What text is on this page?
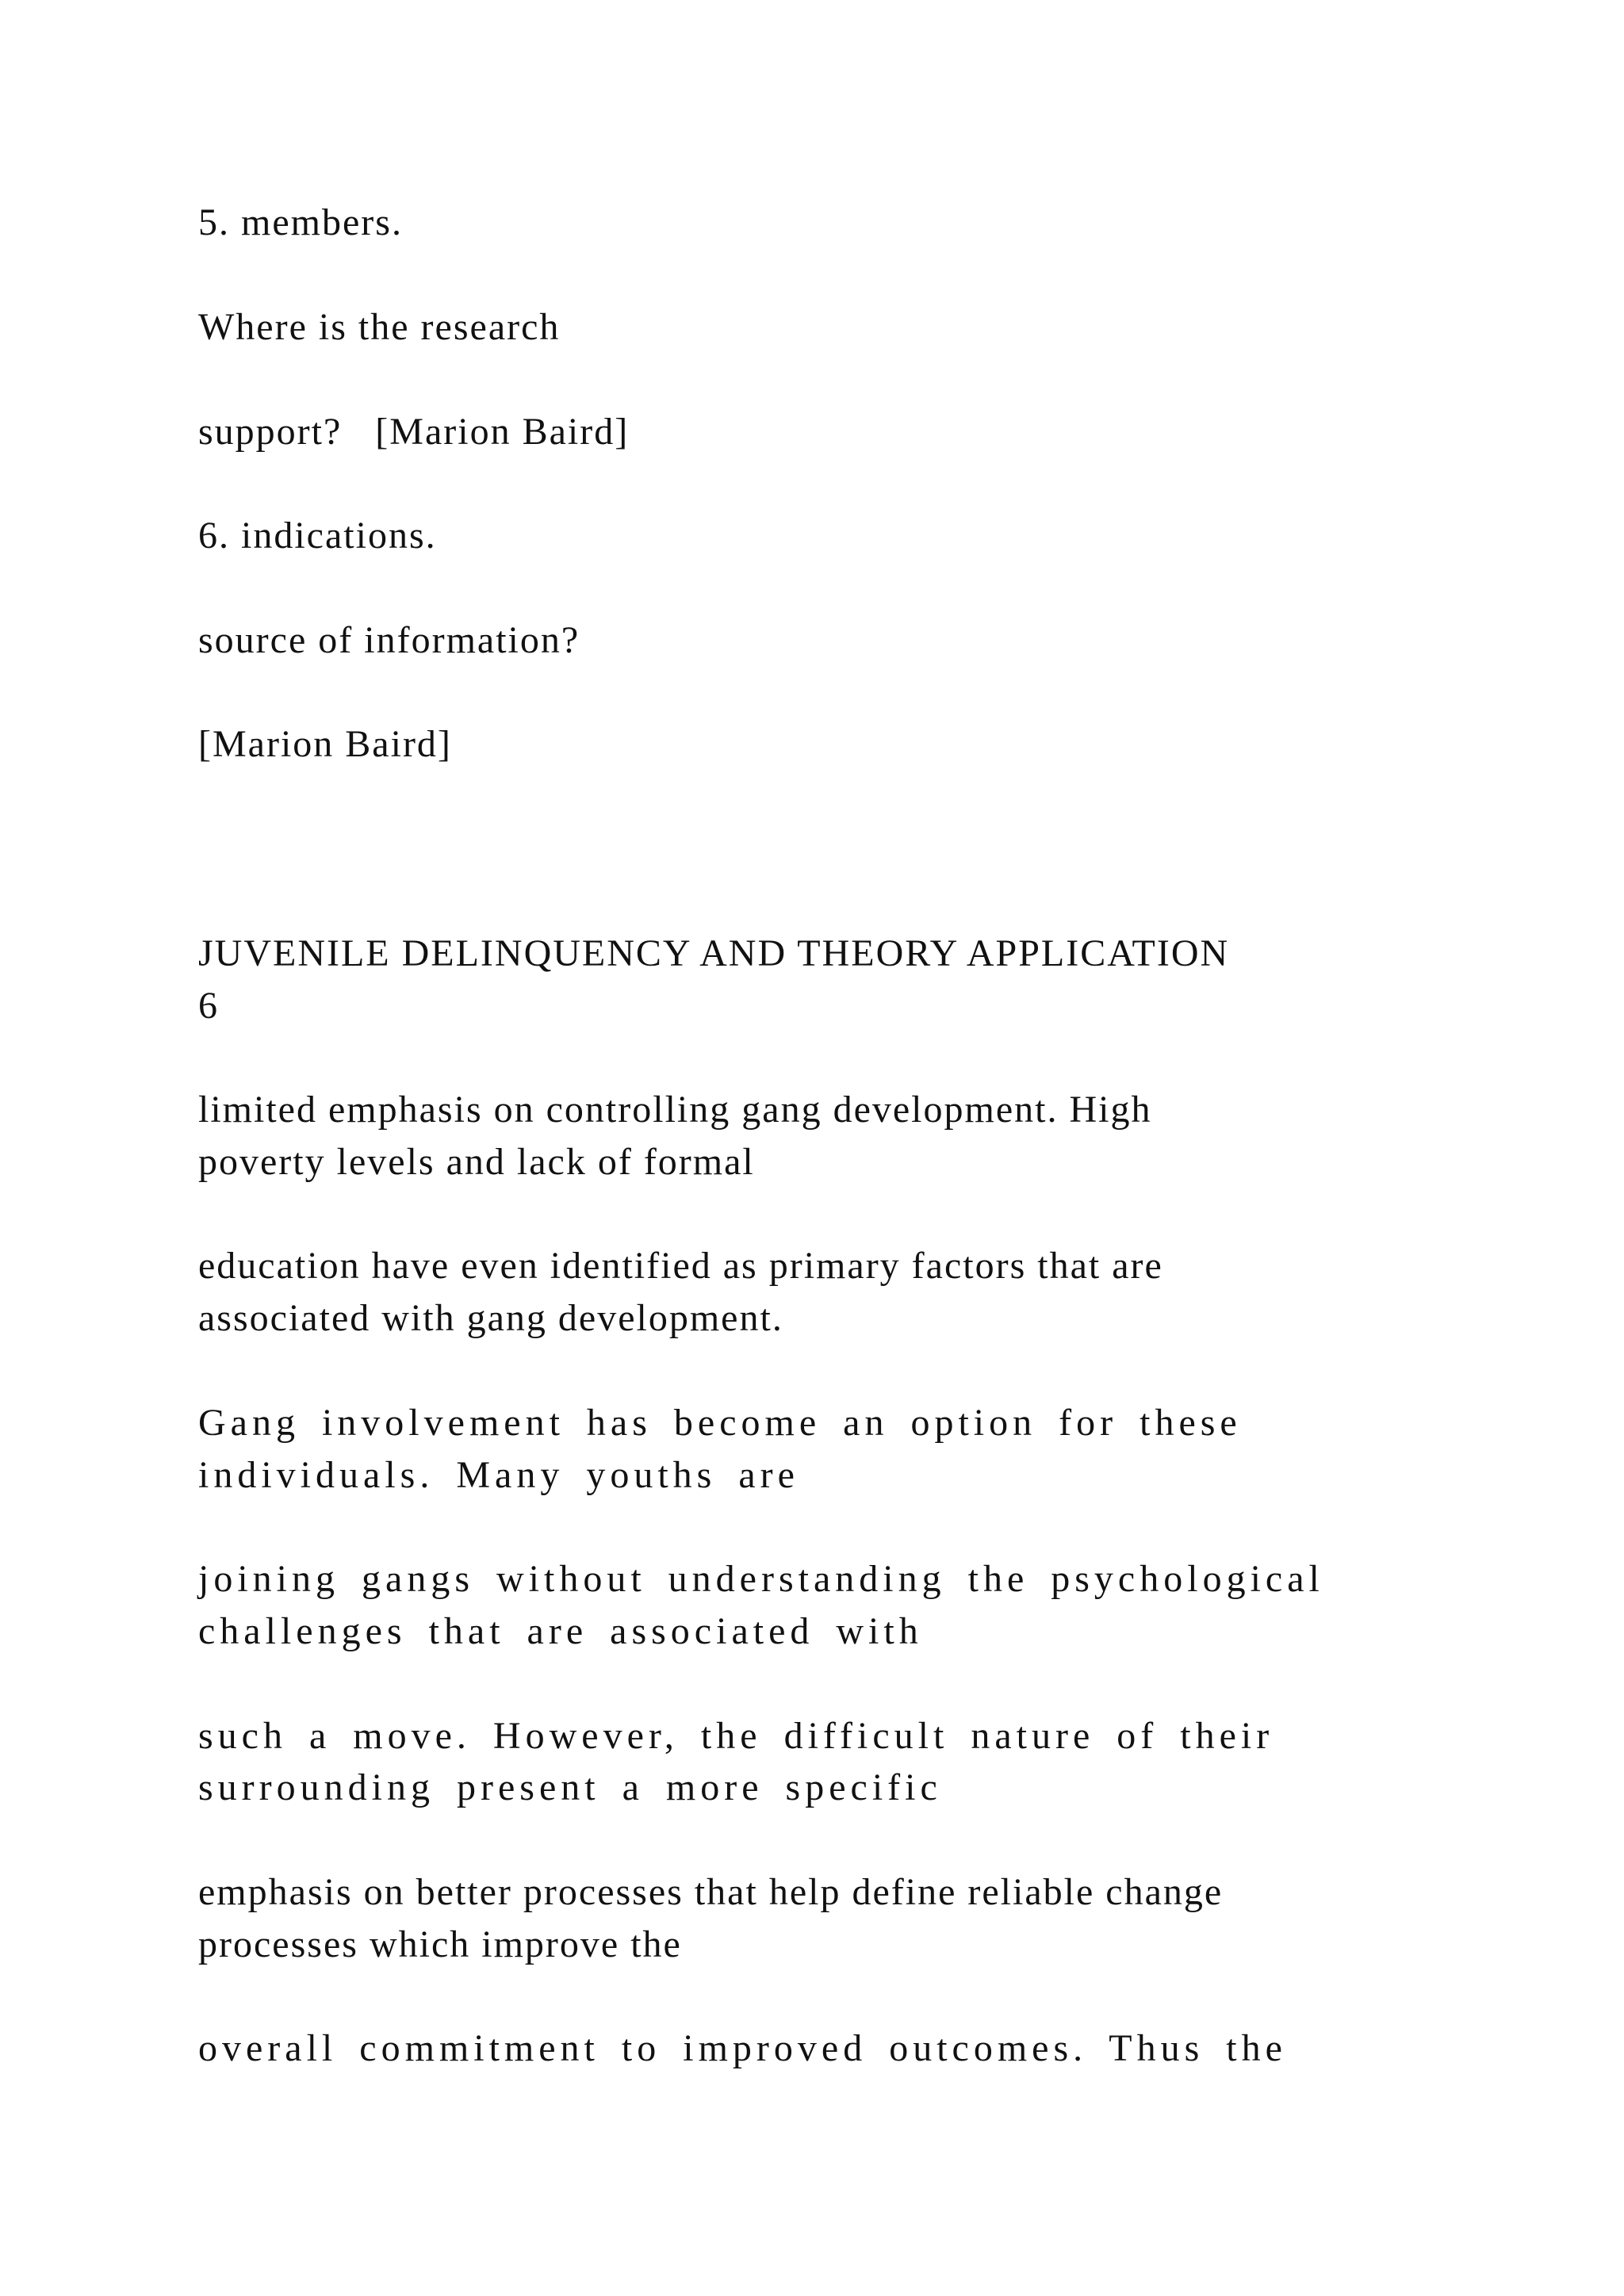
5. members.

Where is the research

support?   [Marion Baird]

6. indications.

source of information?

[Marion Baird]

JUVENILE DELINQUENCY AND THEORY APPLICATION

6

limited emphasis on controlling gang development. High

poverty levels and lack of formal

education have even identified as primary factors that are

associated with gang development.

Gang involvement has become an option for these

individuals. Many youths are

joining gangs without understanding the psychological

challenges that are associated with

such a move. However, the difficult nature of their

surrounding present a more specific

emphasis on better processes that help define reliable change

processes which improve the

overall commitment to improved outcomes. Thus the
